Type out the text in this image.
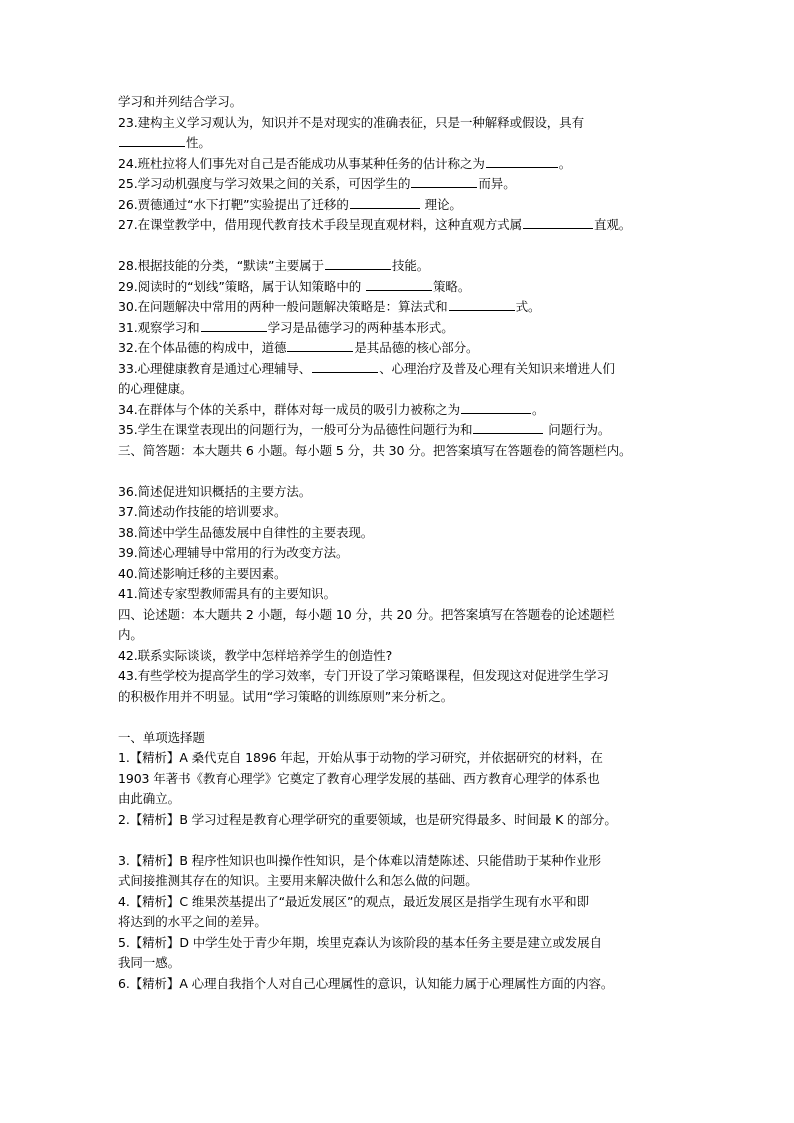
学习和并列结合学习。
23.建构主义学习观认为，知识并不是对现实的准确表征，只是一种解释或假设，具有
性。
24.班杜拉将人们事先对自己是否能成功从事某种任务的估计称之为	。
25.学习动机强度与学习效果之间的关系，可因学生的	而异。
26.贾德通过“水下打靶”实验提出了迁移的	理论。
27.在课堂教学中，借用现代教育技术手段呈现直观材料，这种直观方式属	直观。
28.根据技能的分类，“默读”主要属于	技能。
29.阅读时的“划线”策略，属于认知策略中的	策略。
30.在问题解决中常用的两种一般问题解决策略是：算法式和	式。
31.观察学习和	学习是品德学习的两种基本形式。
32.在个体品德的构成中，道德	是其品德的核心部分。
33.心理健康教育是通过心理辅导、	、心理治疗及普及心理有关知识来增进人们
的心理健康。
34.在群体与个体的关系中，群体对每一成员的吸引力被称之为	。
35.学生在课堂表现出的问题行为，一般可分为品德性问题行为和	问题行为。
三、简答题：本大题共 6 小题。每小题 5 分，共 30 分。把答案填写在答题卷的简答题栏内。
36.简述促进知识概括的主要方法。
37.简述动作技能的培训要求。
38.简述中学生品德发展中自律性的主要表现。
39.简述心理辅导中常用的行为改变方法。
40.简述影响迁移的主要因素。
41.简述专家型教师需具有的主要知识。
四、论述题：本大题共 2 小题，每小题 10 分，共 20 分。把答案填写在答题卷的论述题栏
内。
42.联系实际谈谈，教学中怎样培养学生的创造性?
43.有些学校为提高学生的学习效率，专门开设了学习策略课程，但发现这对促进学生学习
的积极作用并不明显。试用“学习策略的训练原则”来分析之。
一、单项选择题
1.【精析】A 桑代克自 1896 年起，开始从事于动物的学习研究，并依据研究的材料，在
1903 年著书《教育心理学》它奠定了教育心理学发展的基础、西方教育心理学的体系也
由此确立。
2.【精析】B 学习过程是教育心理学研究的重要领域，也是研究得最多、时间最 K 的部分。
3.【精析】B 程序性知识也叫操作性知识，是个体难以清楚陈述、只能借助于某种作业形
式间接推测其存在的知识。主要用来解决做什么和怎么做的问题。
4.【精析】C 维果茨基提出了“最近发展区”的观点，最近发展区是指学生现有水平和即
将达到的水平之间的差异。
5.【精析】D 中学生处于青少年期，埃里克森认为该阶段的基本任务主要是建立或发展自
我同一感。
6.【精析】A 心理自我指个人对自己心理属性的意识，认知能力属于心理属性方面的内容。
